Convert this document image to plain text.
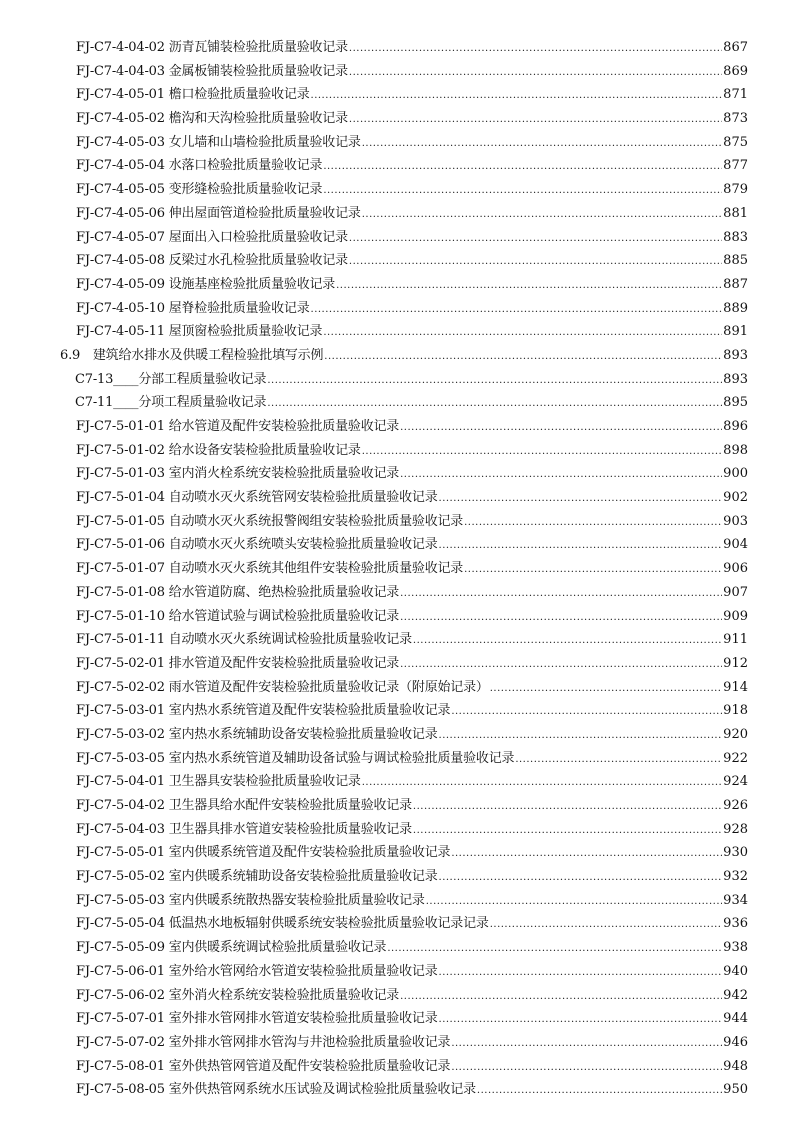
FJ-C7-4-04-02 沥青瓦铺装检验批质量验收记录 .....	867
FJ-C7-4-04-03 金属板铺装检验批质量验收记录 .....	869
FJ-C7-4-05-01 檐口检验批质量验收记录 .....	871
FJ-C7-4-05-02 檐沟和天沟检验批质量验收记录 .....	873
FJ-C7-4-05-03 女儿墙和山墙检验批质量验收记录 .....	875
FJ-C7-4-05-04 水落口检验批质量验收记录 .....	877
FJ-C7-4-05-05 变形缝检验批质量验收记录 .....	879
FJ-C7-4-05-06 伸出屋面管道检验批质量验收记录 .....	881
FJ-C7-4-05-07 屋面出入口检验批质量验收记录 .....	883
FJ-C7-4-05-08 反梁过水孔检验批质量验收记录 .....	885
FJ-C7-4-05-09 设施基座检验批质量验收记录 .....	887
FJ-C7-4-05-10 屋脊检验批质量验收记录 .....	889
FJ-C7-4-05-11 屋顶窗检验批质量验收记录 .....	891
6.9　建筑给水排水及供暖工程检验批填写示例 .....	893
C7-13____分部工程质量验收记录 .....	893
C7-11____分项工程质量验收记录 .....	895
FJ-C7-5-01-01 给水管道及配件安装检验批质量验收记录 .....	896
FJ-C7-5-01-02 给水设备安装检验批质量验收记录 .....	898
FJ-C7-5-01-03 室内消火栓系统安装检验批质量验收记录 .....	900
FJ-C7-5-01-04 自动喷水灭火系统管网安装检验批质量验收记录 .....	902
FJ-C7-5-01-05 自动喷水灭火系统报警阀组安装检验批质量验收记录 .....	903
FJ-C7-5-01-06 自动喷水灭火系统喷头安装检验批质量验收记录 .....	904
FJ-C7-5-01-07 自动喷水灭火系统其他组件安装检验批质量验收记录 .....	906
FJ-C7-5-01-08 给水管道防腐、绝热检验批质量验收记录 .....	907
FJ-C7-5-01-10 给水管道试验与调试检验批质量验收记录 .....	909
FJ-C7-5-01-11 自动喷水灭火系统调试检验批质量验收记录 .....	911
FJ-C7-5-02-01 排水管道及配件安装检验批质量验收记录 .....	912
FJ-C7-5-02-02 雨水管道及配件安装检验批质量验收记录（附原始记录） .....	914
FJ-C7-5-03-01 室内热水系统管道及配件安装检验批质量验收记录 .....	918
FJ-C7-5-03-02 室内热水系统辅助设备安装检验批质量验收记录 .....	920
FJ-C7-5-03-05 室内热水系统管道及辅助设备试验与调试检验批质量验收记录 .....	922
FJ-C7-5-04-01 卫生器具安装检验批质量验收记录 .....	924
FJ-C7-5-04-02 卫生器具给水配件安装检验批质量验收记录 .....	926
FJ-C7-5-04-03 卫生器具排水管道安装检验批质量验收记录 .....	928
FJ-C7-5-05-01 室内供暖系统管道及配件安装检验批质量验收记录 .....	930
FJ-C7-5-05-02 室内供暖系统辅助设备安装检验批质量验收记录 .....	932
FJ-C7-5-05-03 室内供暖系统散热器安装检验批质量验收记录 .....	934
FJ-C7-5-05-04 低温热水地板辐射供暖系统安装检验批质量验收记录记录 .....	936
FJ-C7-5-05-09 室内供暖系统调试检验批质量验收记录 .....	938
FJ-C7-5-06-01 室外给水管网给水管道安装检验批质量验收记录 .....	940
FJ-C7-5-06-02 室外消火栓系统安装检验批质量验收记录 .....	942
FJ-C7-5-07-01 室外排水管网排水管道安装检验批质量验收记录 .....	944
FJ-C7-5-07-02 室外排水管网排水管沟与井池检验批质量验收记录 .....	946
FJ-C7-5-08-01 室外供热管网管道及配件安装检验批质量验收记录 .....	948
FJ-C7-5-08-05 室外供热管网系统水压试验及调试检验批质量验收记录 .....	950
